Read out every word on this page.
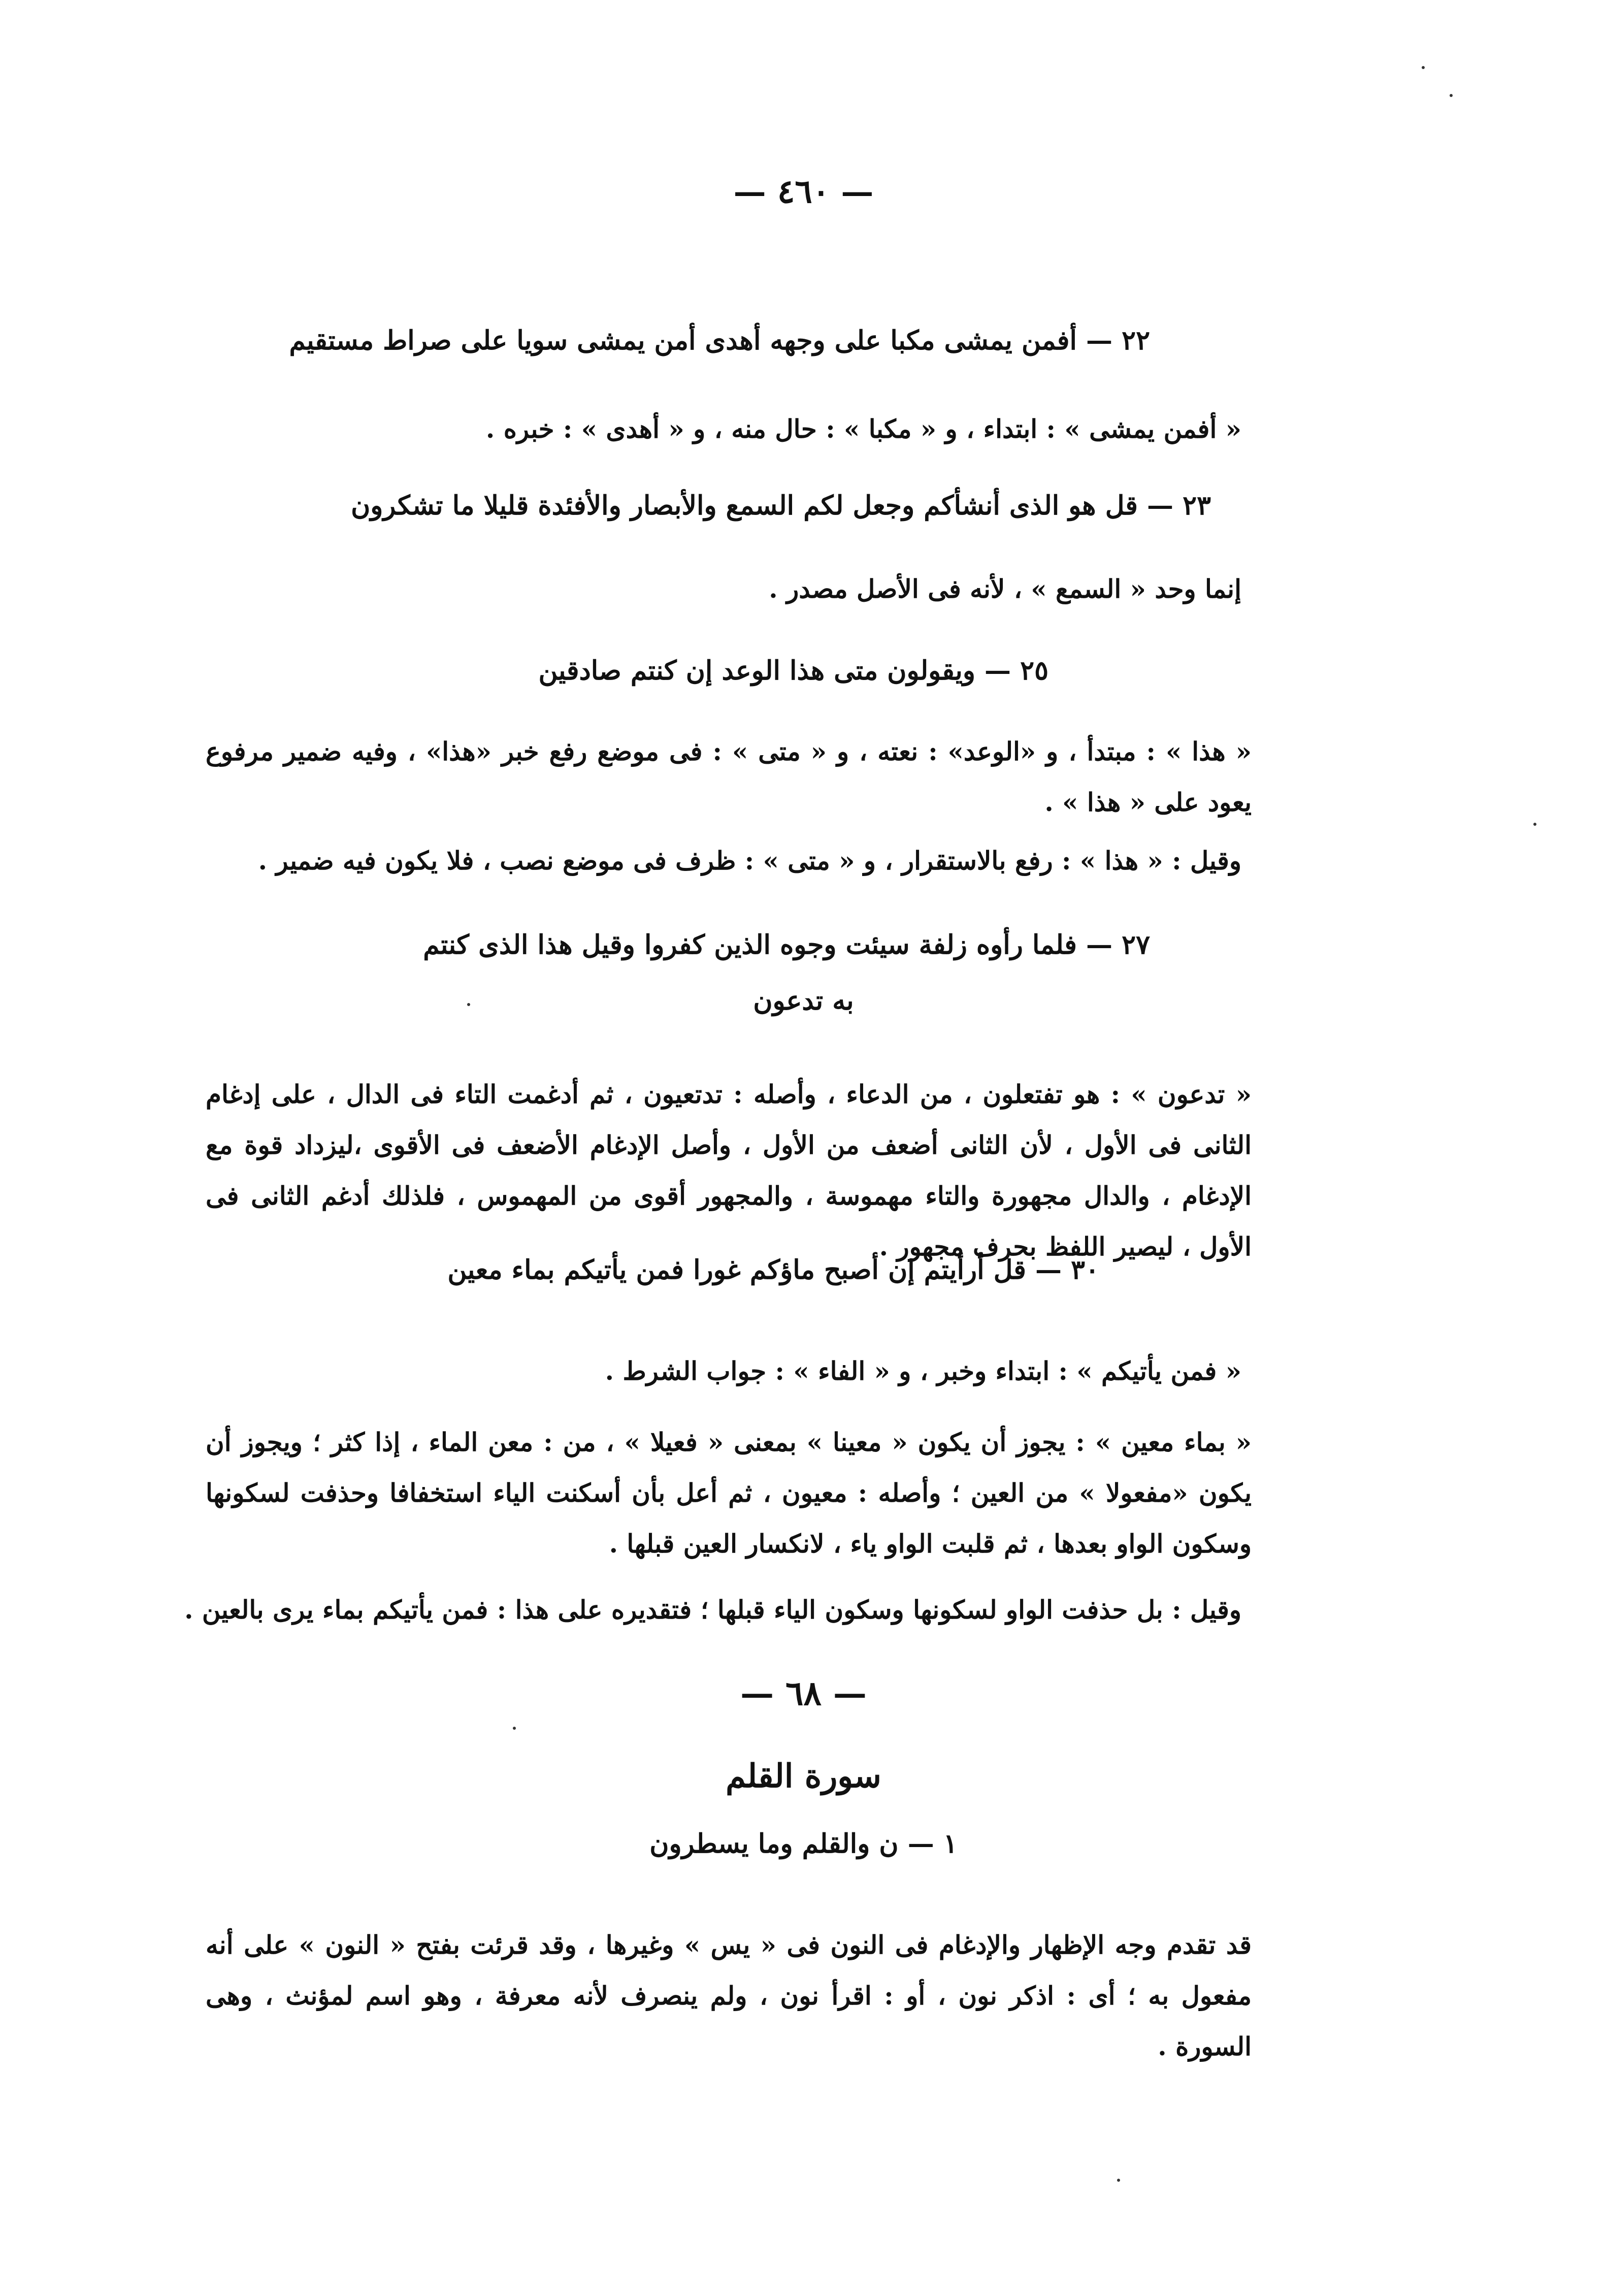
— ٤٦٠ —
٢٢ — أفمن يمشى مكبا على وجهه أهدى أمن يمشى سويا على صراط مستقيم
« أفمن يمشى » : ابتداء ، و « مكبا » : حال منه ، و « أهدى » : خبره .
٢٣ — قل هو الذى أنشأكم وجعل لكم السمع والأبصار والأفئدة قليلا ما تشكرون
إنما وحد « السمع » ، لأنه فى الأصل مصدر .
٢٥ — ويقولون متى هذا الوعد إن كنتم صادقين
« هذا » : مبتدأ ، و «الوعد» : نعته ، و « متى » : فى موضع رفع خبر «هذا» ، وفيه ضمير مرفوع يعود على « هذا » .
وقيل : « هذا » : رفع بالاستقرار ، و « متى » : ظرف فى موضع نصب ، فلا يكون فيه ضمير .
٢٧ — فلما رأوه زلفة سيئت وجوه الذين كفروا وقيل هذا الذى كنتم
به تدعون
« تدعون » : هو تفتعلون ، من الدعاء ، وأصله : تدتعيون ، ثم أدغمت التاء فى الدال ، على إدغام الثانى فى الأول ، لأن الثانى أضعف من الأول ، وأصل الإدغام الأضعف فى الأقوى ،ليزداد قوة مع الإدغام ، والدال مجهورة والتاء مهموسة ، والمجهور أقوى من المهموس ، فلذلك أدغم الثانى فى الأول ، ليصير اللفظ بحرف مجهور .
٣٠ — قل أرأيتم إن أصبح ماؤكم غورا فمن يأتيكم بماء معين
« فمن يأتيكم » : ابتداء وخبر ، و « الفاء » : جواب الشرط .
« بماء معين » : يجوز أن يكون « معينا » بمعنى « فعيلا » ، من : معن الماء ، إذا كثر ؛ ويجوز أن يكون «مفعولا » من العين ؛ وأصله : معيون ، ثم أعل بأن أسكنت الياء استخفافا وحذفت لسكونها وسكون الواو بعدها ، ثم قلبت الواو ياء ، لانكسار العين قبلها .
وقيل : بل حذفت الواو لسكونها وسكون الياء قبلها ؛ فتقديره على هذا : فمن يأتيكم بماء يرى بالعين .
— ٦٨ —
سورة القلم
١ — ن والقلم وما يسطرون
قد تقدم وجه الإظهار والإدغام فى النون فى « يس » وغيرها ، وقد قرئت بفتح « النون » على أنه مفعول به ؛ أى : اذكر نون ، أو : اقرأ نون ، ولم ينصرف لأنه معرفة ، وهو اسم لمؤنث ، وهى السورة .
